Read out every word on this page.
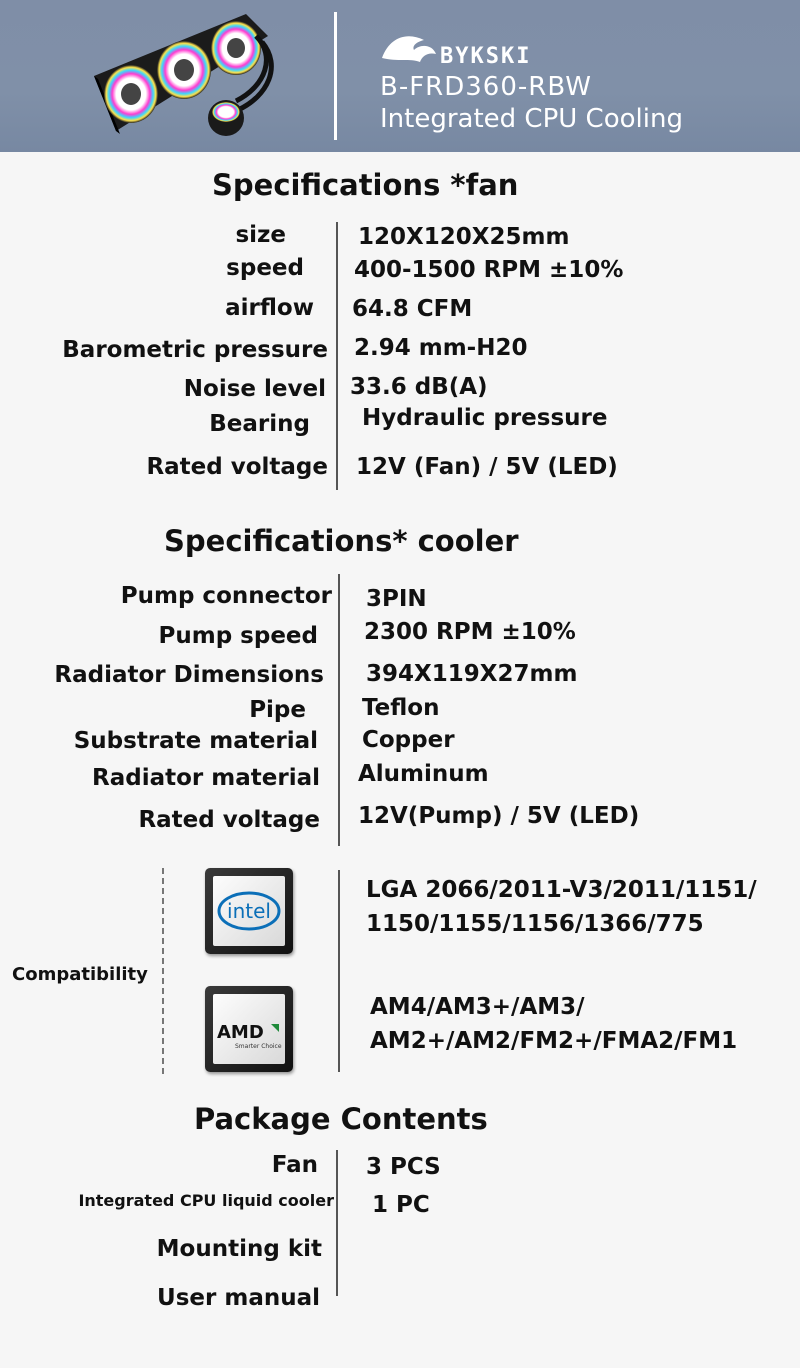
BYKSKI
B-FRD360-RBW
Integrated CPU Cooling
Specifications *fan
size	120X120X25mm
speed 400-1500 RPM ±10%
airflow 64.8 CFM
Barometric pressure 2.94 mm-H20
Noise level 33.6 dB(A)
Bearing Hydraulic pressure
Rated voltage 12V (Fan) / 5V (LED)
Specifications* cooler
Pump connector 3PIN
Pump speed 2300 RPM ±10%
Radiator Dimensions 394X119X27mm
Pipe Teflon
Substrate material Copper
Radiator material Aluminum
Rated voltage 12V(Pump) / 5V (LED)
Compatibility
intel
LGA 2066/2011-V3/2011/1151/
1150/1155/1156/1366/775
AMD
Smarter Choice
AM4/AM3+/AM3/
AM2+/AM2/FM2+/FMA2/FM1
Package Contents
Fan 3 PCS
Integrated CPU liquid cooler 1 PC
Mounting kit
User manual
